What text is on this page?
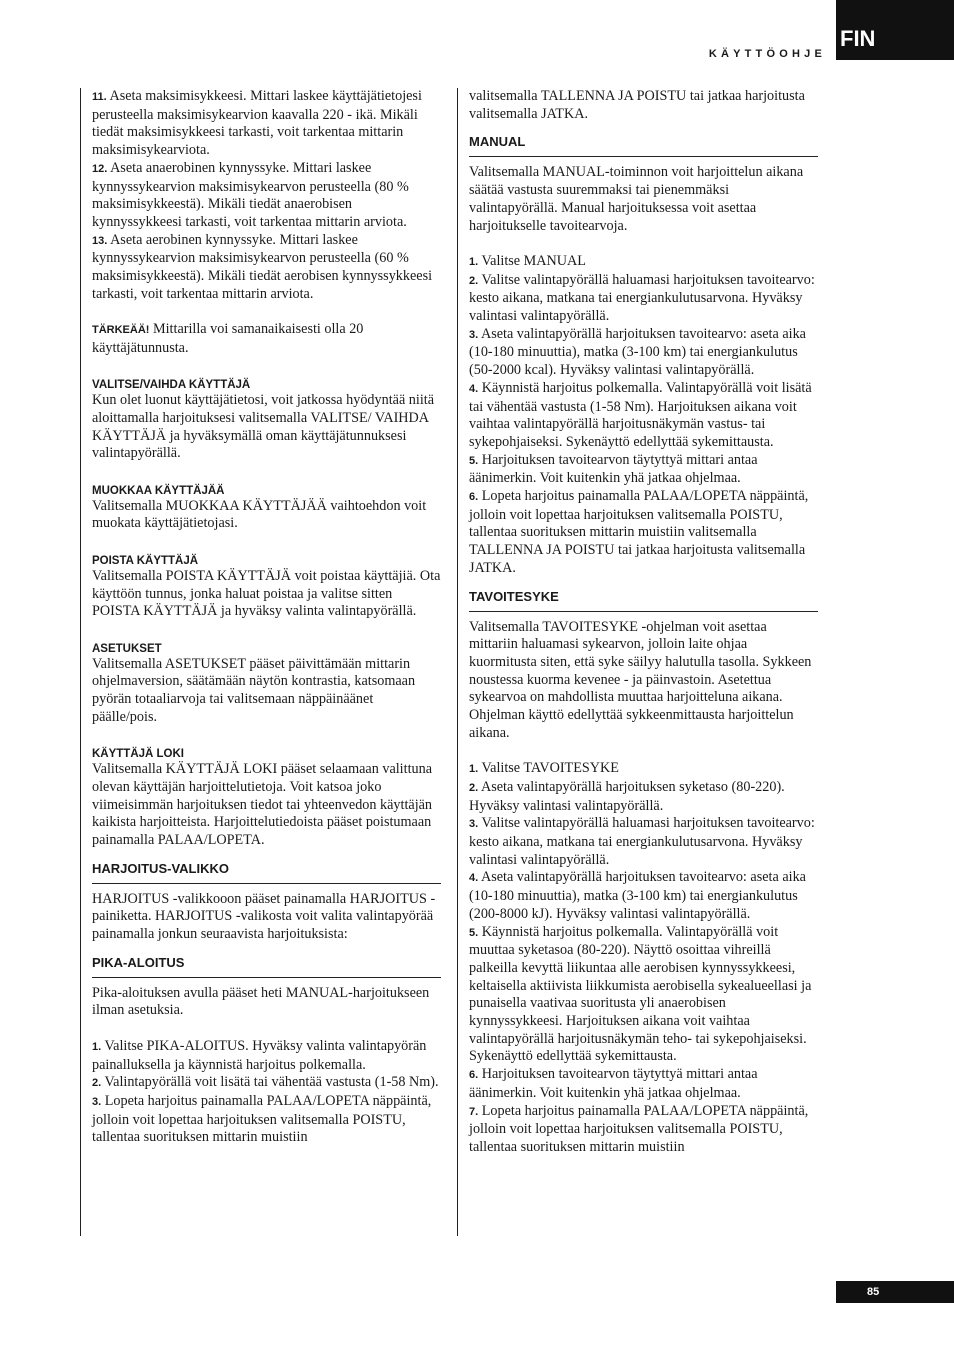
KÄYTTÖOHJE
FIN

11. Aseta maksimisykkeesi. Mittari laskee käyttäjätietojesi perusteella maksimisykearvion kaavalla 220 - ikä. Mikäli tiedät maksimisykkeesi tarkasti, voit tarkentaa mittarin maksimisykearviota.

12. Aseta anaerobinen kynnyssyke. Mittari laskee kynnyssykearvion maksimisykearvon perusteella (80 % maksimisykkeestä). Mikäli tiedät anaerobisen kynnyssykkeesi tarkasti, voit tarkentaa mittarin arviota.

13. Aseta aerobinen kynnyssyke. Mittari laskee kynnyssykearvion maksimisykearvon perusteella (60 % maksimisykkeestä). Mikäli tiedät aerobisen kynnyssykkeesi tarkasti, voit tarkentaa mittarin arviota.

TÄRKEÄÄ! Mittarilla voi samanaikaisesti olla 20 käyttäjätunnusta.

VALITSE/VAIHDA KÄYTTÄJÄ

Kun olet luonut käyttäjätietosi, voit jatkossa hyödyntää niitä aloittamalla harjoituksesi valitsemalla VALITSE/ VAIHDA KÄYTTÄJÄ ja hyväksymällä oman käyttäjätunnuksesi valintapyörällä.

MUOKKAA KÄYTTÄJÄÄ

Valitsemalla MUOKKAA KÄYTTÄJÄÄ vaihtoehdon voit muokata käyttäjätietojasi.

POISTA KÄYTTÄJÄ

Valitsemalla POISTA KÄYTTÄJÄ voit poistaa käyttäjiä. Ota käyttöön tunnus, jonka haluat poistaa ja valitse sitten POISTA KÄYTTÄJÄ ja hyväksy valinta valintapyörällä.

ASETUKSET

Valitsemalla ASETUKSET pääset päivittämään mittarin ohjelmaversion, säätämään näytön kontrastia, katsomaan pyörän totaaliarvoja tai valitsemaan näppäinäänet päälle/pois.

KÄYTTÄJÄ LOKI

Valitsemalla KÄYTTÄJÄ LOKI pääset selaamaan valittuna olevan käyttäjän harjoittelutietoja. Voit katsoa joko viimeisimmän harjoituksen tiedot tai yhteenvedon käyttäjän kaikista harjoitteista. Harjoittelutiedoista pääset poistumaan painamalla PALAA/LOPETA.

HARJOITUS-VALIKKO

HARJOITUS -valikkooon pääset painamalla HARJOITUS -painiketta. HARJOITUS -valikosta voit valita valintapyörää painamalla jonkun seuraavista harjoituksista:

PIKA-ALOITUS

Pika-aloituksen avulla pääset heti MANUAL-harjoitukseen ilman asetuksia.

1. Valitse PIKA-ALOITUS. Hyväksy valinta valintapyörän painalluksella ja käynnistä harjoitus polkemalla.

2. Valintapyörällä voit lisätä tai vähentää vastusta (1-58 Nm).

3. Lopeta harjoitus painamalla PALAA/LOPETA näppäintä, jolloin voit lopettaa harjoituksen valitsemalla POISTU, tallentaa suorituksen mittarin muistiin

valitsemalla TALLENNA JA POISTU tai jatkaa harjoitusta valitsemalla JATKA.

MANUAL

Valitsemalla MANUAL-toiminnon voit harjoittelun aikana säätää vastusta suuremmaksi tai pienemmäksi valintapyörällä. Manual harjoituksessa voit asettaa harjoitukselle tavoitearvoja.

1. Valitse MANUAL

2. Valitse valintapyörällä haluamasi harjoituksen tavoitearvo: kesto aikana, matkana tai energiankulutusarvona. Hyväksy valintasi valintapyörällä.

3. Aseta valintapyörällä harjoituksen tavoitearvo: aseta aika (10-180 minuuttia), matka (3-100 km) tai energiankulutus (50-2000 kcal). Hyväksy valintasi valintapyörällä.

4. Käynnistä harjoitus polkemalla. Valintapyörällä voit lisätä tai vähentää vastusta (1-58 Nm). Harjoituksen aikana voit vaihtaa valintapyörällä harjoitusnäkymän vastus- tai sykepohjaiseksi. Sykenäyttö edellyttää sykemittausta.

5. Harjoituksen tavoitearvon täytyttyä mittari antaa äänimerkin. Voit kuitenkin yhä jatkaa ohjelmaa.

6. Lopeta harjoitus painamalla PALAA/LOPETA näppäintä, jolloin voit lopettaa harjoituksen valitsemalla POISTU, tallentaa suorituksen mittarin muistiin valitsemalla TALLENNA JA POISTU tai jatkaa harjoitusta valitsemalla JATKA.

TAVOITESYKE

Valitsemalla TAVOITESYKE -ohjelman voit asettaa mittariin haluamasi sykearvon, jolloin laite ohjaa kuormitusta siten, että syke säilyy halutulla tasolla. Sykkeen noustessa kuorma kevenee - ja päinvastoin. Asetettua sykearvoa on mahdollista muuttaa harjoitteluna aikana. Ohjelman käyttö edellyttää sykkeenmittausta harjoittelun aikana.

1. Valitse TAVOITESYKE

2. Aseta valintapyörällä harjoituksen syketaso (80-220). Hyväksy valintasi valintapyörällä.

3. Valitse valintapyörällä haluamasi harjoituksen tavoitearvo: kesto aikana, matkana tai energiankulutusarvona. Hyväksy valintasi valintapyörällä.

4. Aseta valintapyörällä harjoituksen tavoitearvo: aseta aika (10-180 minuuttia), matka (3-100 km) tai energiankulutus (200-8000 kJ). Hyväksy valintasi valintapyörällä.

5. Käynnistä harjoitus polkemalla. Valintapyörällä voit muuttaa syketasoa (80-220). Näyttö osoittaa vihreillä palkeilla kevyttä liikuntaa alle aerobisen kynnyssykkeesi, keltaisella aktiivista liikkumista aerobisella sykealueellasi ja punaisella vaativaa suoritusta yli anaerobisen kynnyssykkeesi. Harjoituksen aikana voit vaihtaa valintapyörällä harjoitusnäkymän teho- tai sykepohjaiseksi. Sykenäyttö edellyttää sykemittausta.

6. Harjoituksen tavoitearvon täytyttyä mittari antaa äänimerkin. Voit kuitenkin yhä jatkaa ohjelmaa.

7. Lopeta harjoitus painamalla PALAA/LOPETA näppäintä, jolloin voit lopettaa harjoituksen valitsemalla POISTU, tallentaa suorituksen mittarin muistiin

85
